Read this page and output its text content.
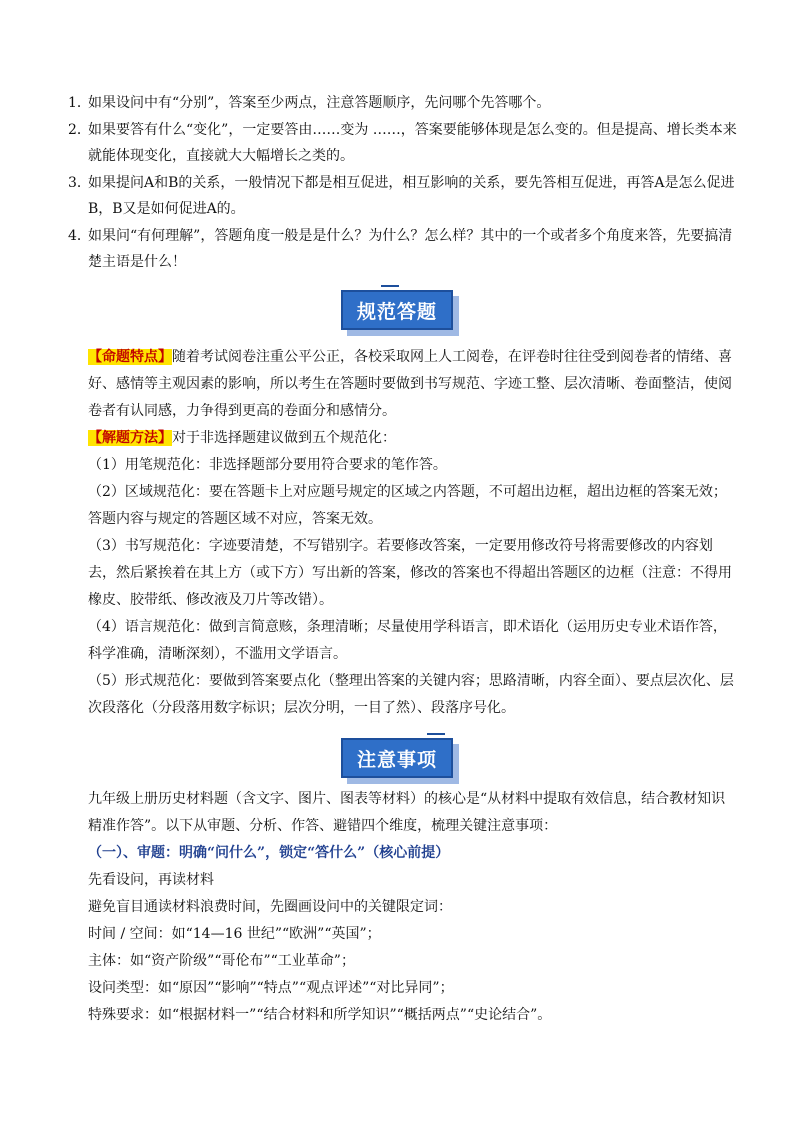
1．
如果设问中有“分别”，答案至少两点，注意答题顺序，先问哪个先答哪个。
2．
如果要答有什么“变化”，一定要答由……变为 ……，答案要能够体现是怎么变的。但是提高、增长类本来就能体现变化，直接就大大幅增长之类的。
3．
如果提问A和B的关系，一般情况下都是相互促进，相互影响的关系，要先答相互促进，再答A是怎么促进B，B又是如何促进A的。
4．
如果问“有何理解”，答题角度一般是是什么？为什么？怎么样？其中的一个或者多个角度来答，先要搞清楚主语是什么！
规范答题

【命题特点】随着考试阅卷注重公平公正，各校采取网上人工阅卷，在评卷时往往受到阅卷者的情绪、喜好、感情等主观因素的影响，所以考生在答题时要做到书写规范、字迹工整、层次清晰、卷面整洁，使阅卷者有认同感，力争得到更高的卷面分和感情分。

【解题方法】对于非选择题建议做到五个规范化：

（1）用笔规范化：非选择题部分要用符合要求的笔作答。

（2）区域规范化：要在答题卡上对应题号规定的区域之内答题，不可超出边框，超出边框的答案无效；答题内容与规定的答题区域不对应，答案无效。

（3）书写规范化：字迹要清楚，不写错别字。若要修改答案，一定要用修改符号将需要修改的内容划去，然后紧挨着在其上方（或下方）写出新的答案，修改的答案也不得超出答题区的边框（注意：不得用橡皮、胶带纸、修改液及刀片等改错）。

（4）语言规范化：做到言简意赅，条理清晰；尽量使用学科语言，即术语化（运用历史专业术语作答，科学准确，清晰深刻），不滥用文学语言。

（5）形式规范化：要做到答案要点化（整理出答案的关键内容；思路清晰，内容全面）、要点层次化、层次段落化（分段落用数字标识；层次分明，一目了然）、段落序号化。

注意事项

九年级上册历史材料题（含文字、图片、图表等材料）的核心是“从材料中提取有效信息，结合教材知识精准作答”。以下从审题、分析、作答、避错四个维度，梳理关键注意事项：

（一）、审题：明确“问什么”，锁定“答什么”（核心前提）

先看设问，再读材料

避免盲目通读材料浪费时间，先圈画设问中的关键限定词：

时间 / 空间：如“14—16 世纪”“欧洲”“英国”；

主体：如“资产阶级”“哥伦布”“工业革命”；

设问类型：如“原因”“影响”“特点”“观点评述”“对比异同”；

特殊要求：如“根据材料一”“结合材料和所学知识”“概括两点”“史论结合”。
